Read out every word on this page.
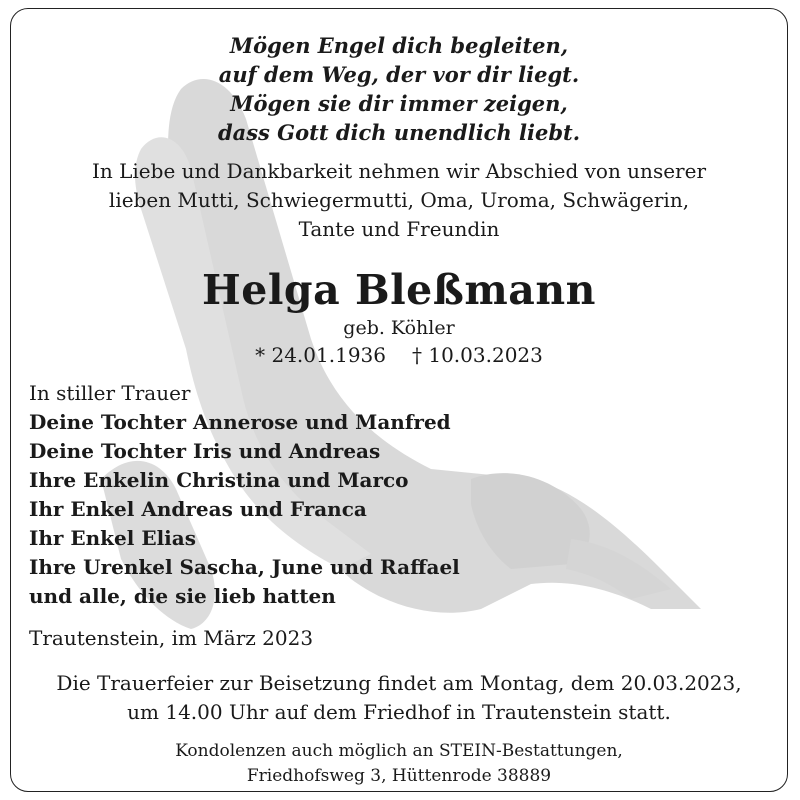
Mögen Engel dich begleiten,
auf dem Weg, der vor dir liegt.
Mögen sie dir immer zeigen,
dass Gott dich unendlich liebt.
In Liebe und Dankbarkeit nehmen wir Abschied von unserer
lieben Mutti, Schwiegermutti, Oma, Uroma, Schwägerin,
Tante und Freundin
Helga Bleßmann
geb. Köhler
* 24.01.1936 † 10.03.2023
In stiller Trauer
Deine Tochter Annerose und Manfred
Deine Tochter Iris und Andreas
Ihre Enkelin Christina und Marco
Ihr Enkel Andreas und Franca
Ihr Enkel Elias
Ihre Urenkel Sascha, June und Raffael
und alle, die sie lieb hatten
Trautenstein, im März 2023
Die Trauerfeier zur Beisetzung findet am Montag, dem 20.03.2023,
um 14.00 Uhr auf dem Friedhof in Trautenstein statt.
Kondolenzen auch möglich an STEIN-Bestattungen,
Friedhofsweg 3, Hüttenrode 38889
